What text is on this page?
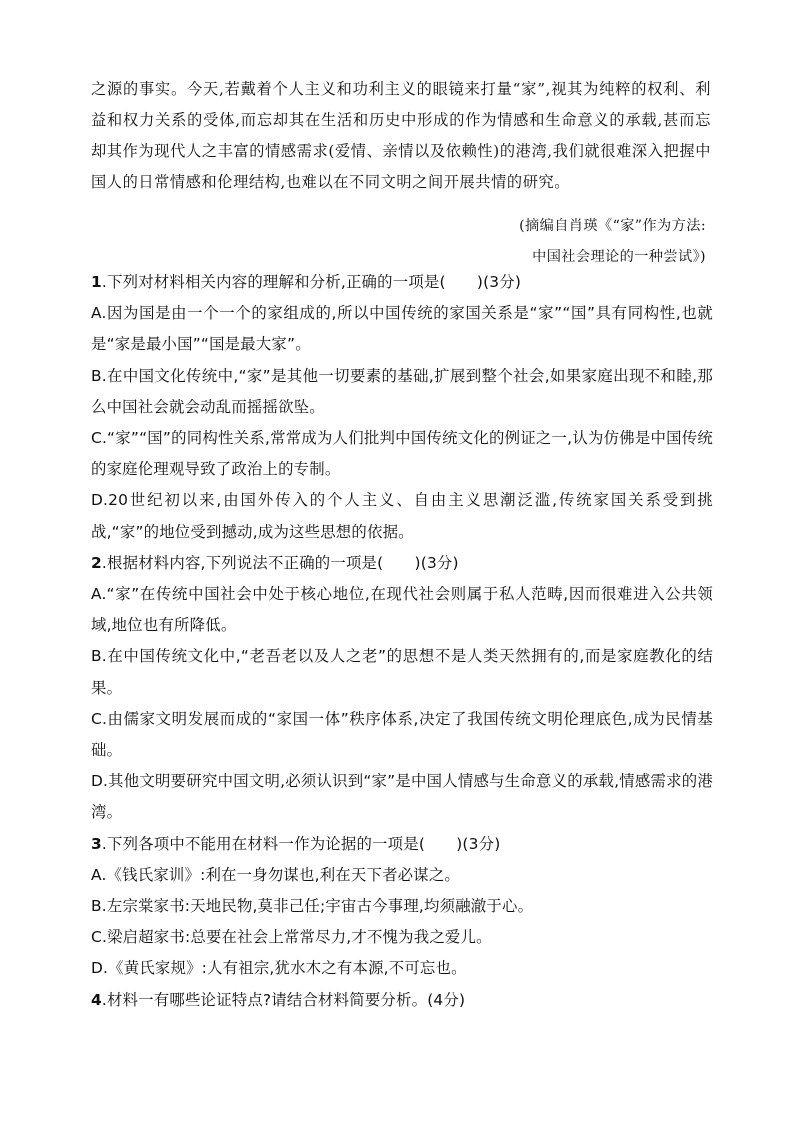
之源的事实。今天,若戴着个人主义和功利主义的眼镜来打量“家”,视其为纯粹的权利、利益和权力关系的受体,而忘却其在生活和历史中形成的作为情感和生命意义的承载,甚而忘却其作为现代人之丰富的情感需求(爱情、亲情以及依赖性)的港湾,我们就很难深入把握中国人的日常情感和伦理结构,也难以在不同文明之间开展共情的研究。

(摘编自肖瑛《“家”作为方法:
中国社会理论的一种尝试》)
1.下列对材料相关内容的理解和分析,正确的一项是(　　)(3分)
A.因为国是由一个一个的家组成的,所以中国传统的家国关系是“家”“国”具有同构性,也就是“家是最小国”“国是最大家”。
B.在中国文化传统中,“家”是其他一切要素的基础,扩展到整个社会,如果家庭出现不和睦,那么中国社会就会动乱而摇摇欲坠。
C.“家”“国”的同构性关系,常常成为人们批判中国传统文化的例证之一,认为仿佛是中国传统的家庭伦理观导致了政治上的专制。
D.20世纪初以来,由国外传入的个人主义、自由主义思潮泛滥,传统家国关系受到挑战,“家”的地位受到撼动,成为这些思想的依据。
2.根据材料内容,下列说法不正确的一项是(　　)(3分)
A.“家”在传统中国社会中处于核心地位,在现代社会则属于私人范畴,因而很难进入公共领域,地位也有所降低。
B.在中国传统文化中,“老吾老以及人之老”的思想不是人类天然拥有的,而是家庭教化的结果。
C.由儒家文明发展而成的“家国一体”秩序体系,决定了我国传统文明伦理底色,成为民情基础。
D.其他文明要研究中国文明,必须认识到“家”是中国人情感与生命意义的承载,情感需求的港湾。
3.下列各项中不能用在材料一作为论据的一项是(　　)(3分)
A.《钱氏家训》:利在一身勿谋也,利在天下者必谋之。
B.左宗棠家书:天地民物,莫非己任;宇宙古今事理,均须融澈于心。
C.梁启超家书:总要在社会上常常尽力,才不愧为我之爱儿。
D.《黄氏家规》:人有祖宗,犹水木之有本源,不可忘也。
4.材料一有哪些论证特点?请结合材料简要分析。(4分)
